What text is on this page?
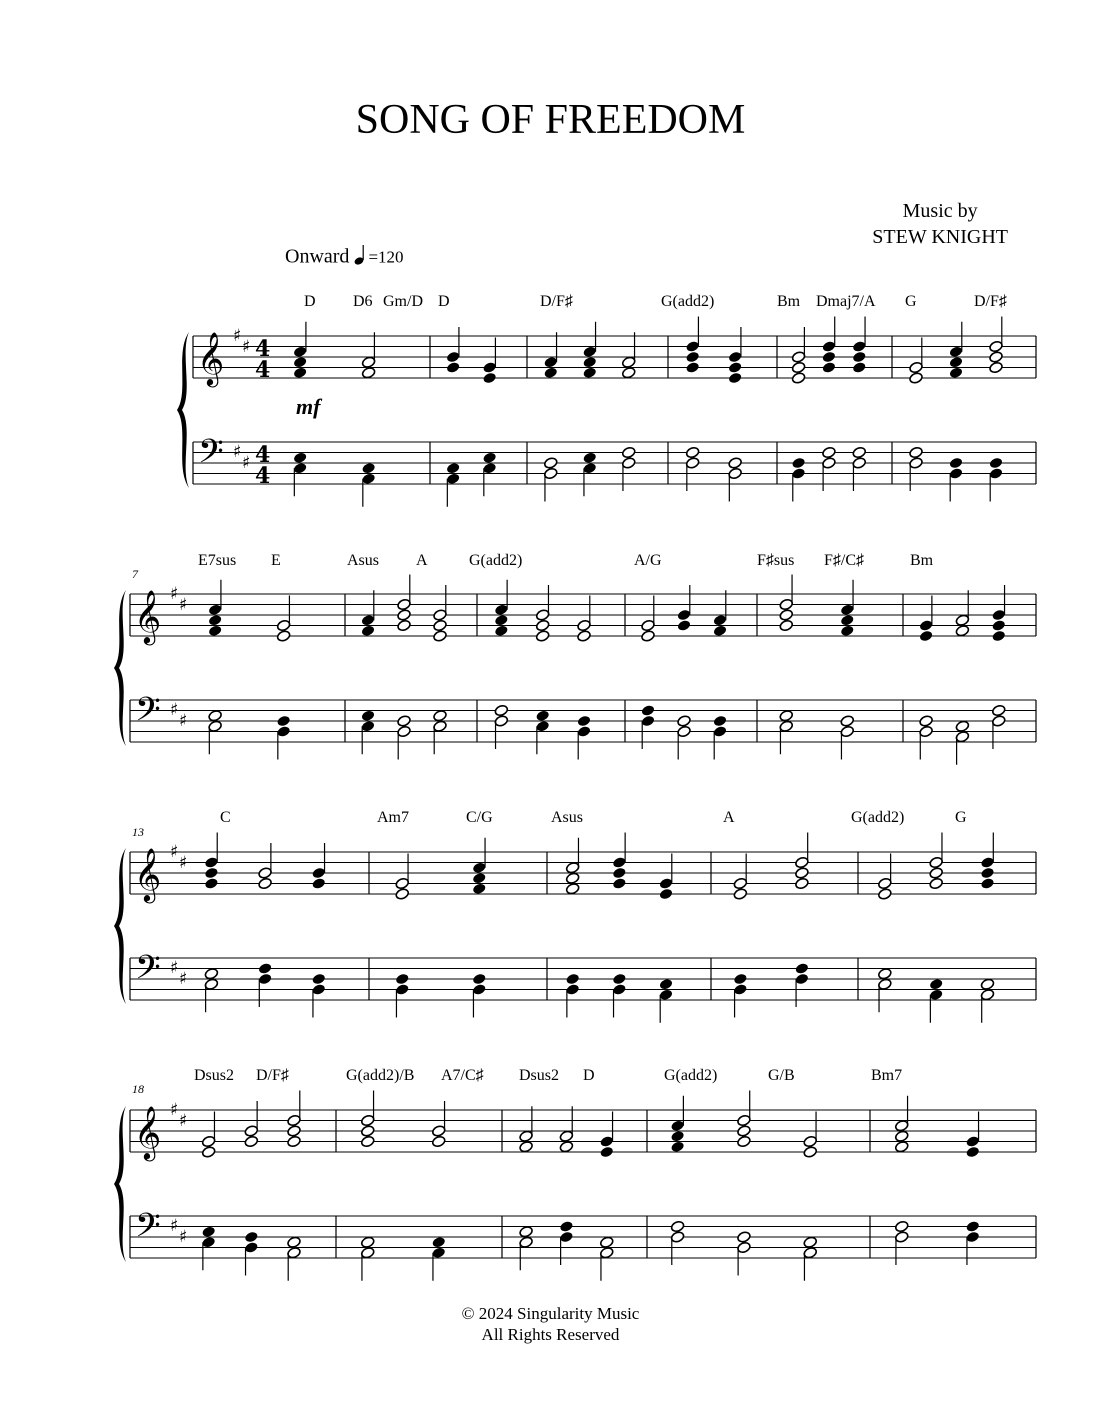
SONG OF FREEDOM
Music by
STEW KNIGHT
Onward =120
𝄞
𝄢
♯
♯
♯
♯
4
4
4
4
mf
D D6 Gm/D D	D/F♯	G(add2)	Bm Dmaj7/A G	D/F♯
𝄞
𝄢
♯
♯
♯
♯
7
E7sus E	Asus A	G(add2)	A/G	F♯sus F♯/C♯	Bm
𝄞
𝄢
♯
♯
♯
♯
13
C	Am7	C/G	Asus	A	G(add2)	G
𝄞
𝄢
♯
♯
♯
♯
18
Dsus2 D/F♯	G(add2)/B A7/C♯ Dsus2 D	G(add2)	G/B	Bm7
© 2024 Singularity Music
All Rights Reserved
